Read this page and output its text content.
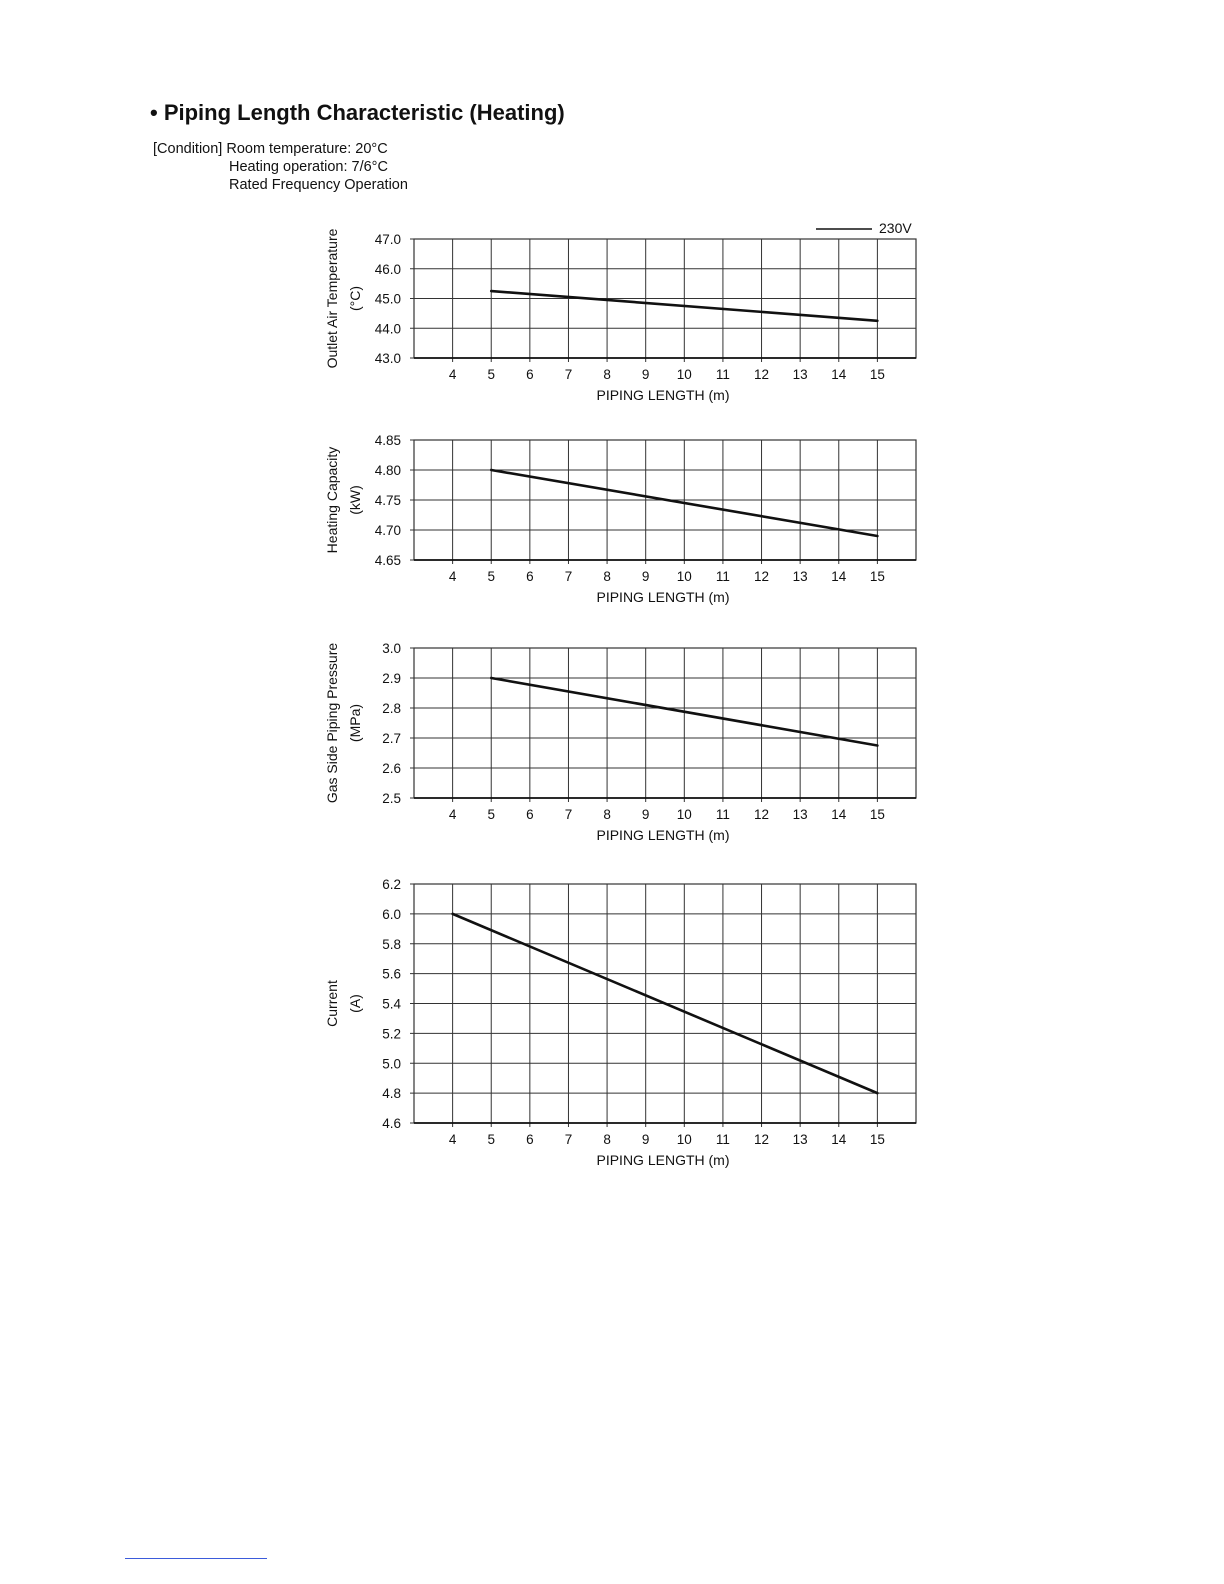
• Piping Length Characteristic (Heating)
[Condition] Room temperature: 20°C
Heating operation: 7/6°C
Rated Frequency Operation
4 5 6 7 8 9 10 11 12 13 14 15
47.0
46.0
45.0
44.0
43.0
PIPING LENGTH (m)
Outlet Air Temperature (°C)
4 5 6 7 8 9 10 11 12 13 14 15
4.85
4.80
4.75
4.70
4.65
PIPING LENGTH (m)
Heating Capacity (kW)
4 5 6 7 8 9 10 11 12 13 14 15
3.0
2.9
2.8
2.7
2.6
2.5
PIPING LENGTH (m)
Gas Side Piping Pressure (MPa)
4 5 6 7 8 9 10 11 12 13 14 15
6.2
6.0
5.8
5.6
5.4
5.2
5.0
4.8
4.6
PIPING LENGTH (m)
Current (A)
230V
